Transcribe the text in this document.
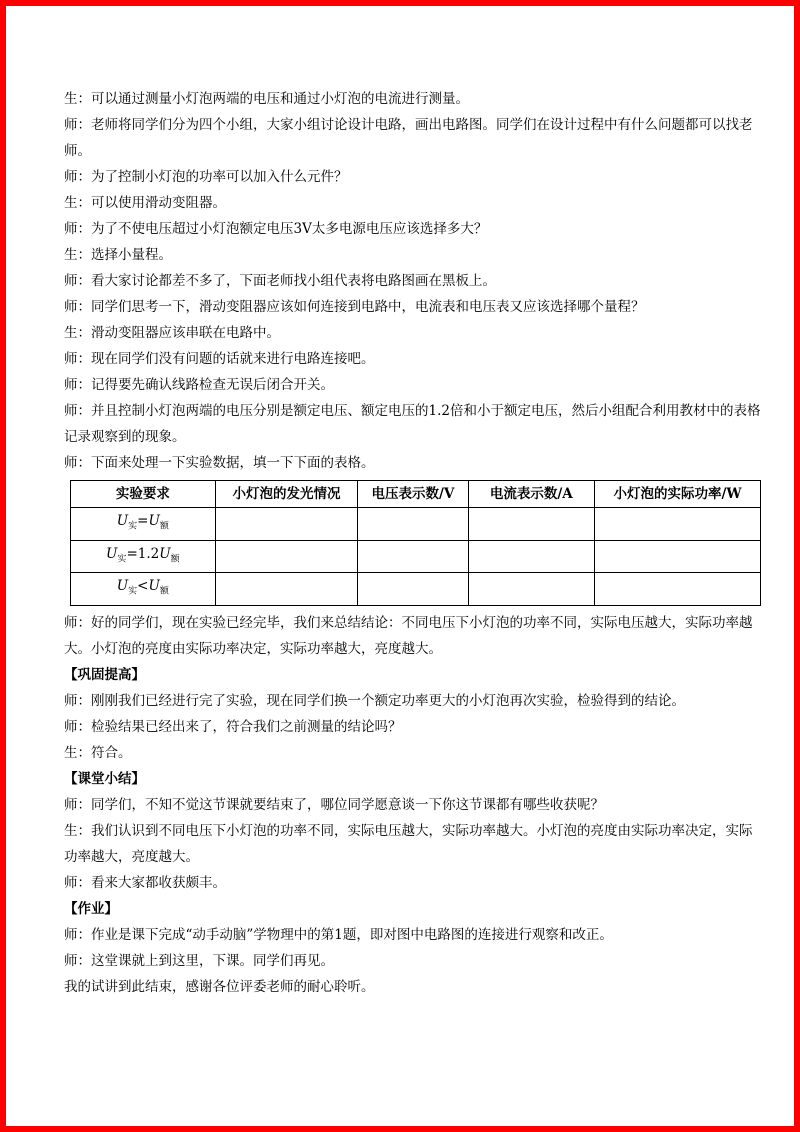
生：可以通过测量小灯泡两端的电压和通过小灯泡的电流进行测量。

师：老师将同学们分为四个小组，大家小组讨论设计电路，画出电路图。同学们在设计过程中有什么问题都可以找老师。

师：为了控制小灯泡的功率可以加入什么元件？

生：可以使用滑动变阻器。

师：为了不使电压超过小灯泡额定电压3V太多电源电压应该选择多大？

生：选择小量程。

师：看大家讨论都差不多了，下面老师找小组代表将电路图画在黑板上。

师：同学们思考一下，滑动变阻器应该如何连接到电路中，电流表和电压表又应该选择哪个量程？

生：滑动变阻器应该串联在电路中。

师：现在同学们没有问题的话就来进行电路连接吧。

师：记得要先确认线路检查无误后闭合开关。

师：并且控制小灯泡两端的电压分别是额定电压、额定电压的1.2倍和小于额定电压，然后小组配合利用教材中的表格记录观察到的现象。

师：下面来处理一下实验数据，填一下下面的表格。

实验要求	小灯泡的发光情况	电压表示数/V	电流表示数/A	小灯泡的实际功率/W
$U_实=U_额$				
$U_实=1.2U_额$				
$U_实<U_额$				

师：好的同学们，现在实验已经完毕，我们来总结结论：不同电压下小灯泡的功率不同，实际电压越大，实际功率越大。小灯泡的亮度由实际功率决定，实际功率越大，亮度越大。

【巩固提高】

师：刚刚我们已经进行完了实验，现在同学们换一个额定功率更大的小灯泡再次实验，检验得到的结论。

师：检验结果已经出来了，符合我们之前测量的结论吗？

生：符合。

【课堂小结】

师：同学们，不知不觉这节课就要结束了，哪位同学愿意谈一下你这节课都有哪些收获呢？

生：我们认识到不同电压下小灯泡的功率不同，实际电压越大，实际功率越大。小灯泡的亮度由实际功率决定，实际功率越大，亮度越大。

师：看来大家都收获颇丰。

【作业】

师：作业是课下完成“动手动脑”学物理中的第1题，即对图中电路图的连接进行观察和改正。

师：这堂课就上到这里，下课。同学们再见。

我的试讲到此结束，感谢各位评委老师的耐心聆听。
